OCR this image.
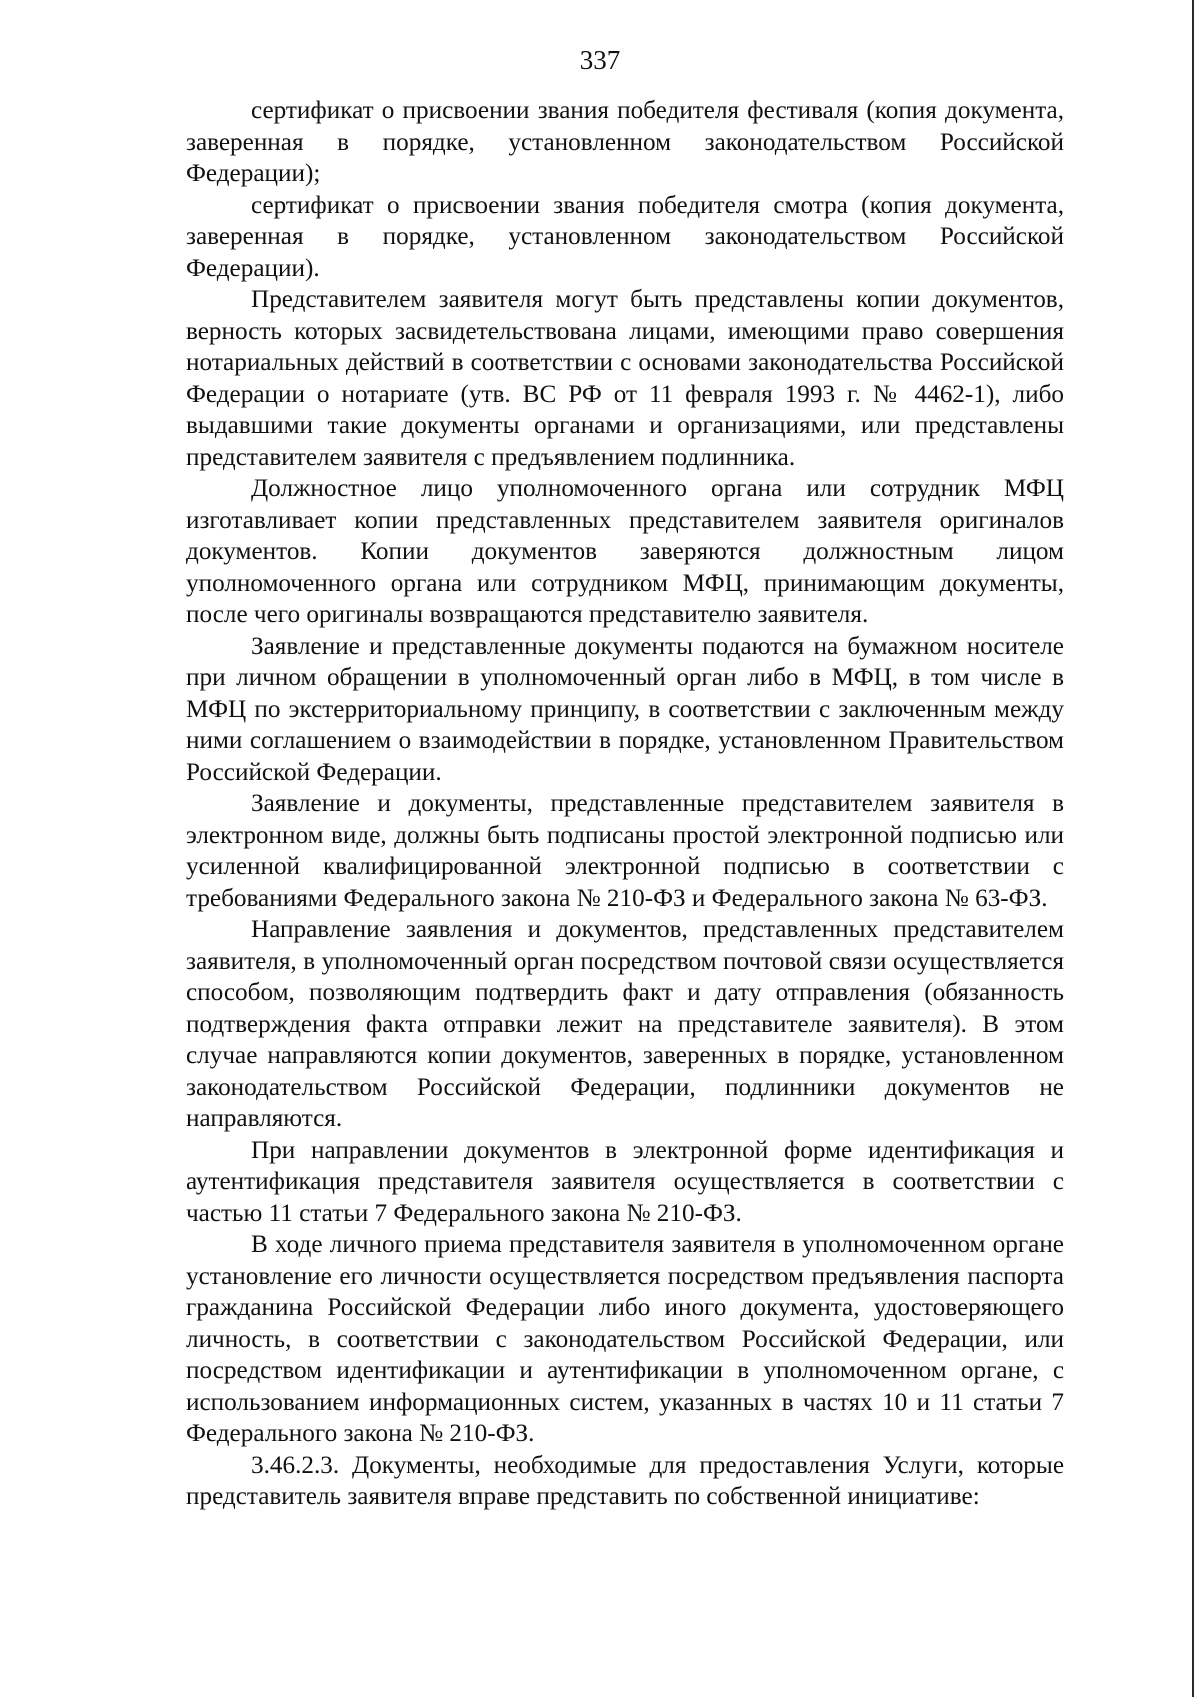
337

сертификат о присвоении звания победителя фестиваля (копия документа, заверенная в порядке, установленном законодательством Российской Федерации);

сертификат о присвоении звания победителя смотра (копия документа, заверенная в порядке, установленном законодательством Российской Федерации).

Представителем заявителя могут быть представлены копии документов, верность которых засвидетельствована лицами, имеющими право совершения нотариальных действий в соответствии с основами законодательства Российской Федерации о нотариате (утв. ВС РФ от 11 февраля 1993 г. № 4462-1), либо выдавшими такие документы органами и организациями, или представлены представителем заявителя с предъявлением подлинника.

Должностное лицо уполномоченного органа или сотрудник МФЦ изготавливает копии представленных представителем заявителя оригиналов документов. Копии документов заверяются должностным лицом уполномоченного органа или сотрудником МФЦ, принимающим документы, после чего оригиналы возвращаются представителю заявителя.

Заявление и представленные документы подаются на бумажном носителе при личном обращении в уполномоченный орган либо в МФЦ, в том числе в МФЦ по экстерриториальному принципу, в соответствии с заключенным между ними соглашением о взаимодействии в порядке, установленном Правительством Российской Федерации.

Заявление и документы, представленные представителем заявителя в электронном виде, должны быть подписаны простой электронной подписью или усиленной квалифицированной электронной подписью в соответствии с требованиями Федерального закона № 210-ФЗ и Федерального закона № 63-ФЗ.

Направление заявления и документов, представленных представителем заявителя, в уполномоченный орган посредством почтовой связи осуществляется способом, позволяющим подтвердить факт и дату отправления (обязанность подтверждения факта отправки лежит на представителе заявителя). В этом случае направляются копии документов, заверенных в порядке, установленном законодательством Российской Федерации, подлинники документов не направляются.

При направлении документов в электронной форме идентификация и аутентификация представителя заявителя осуществляется в соответствии с частью 11 статьи 7 Федерального закона № 210-ФЗ.

В ходе личного приема представителя заявителя в уполномоченном органе установление его личности осуществляется посредством предъявления паспорта гражданина Российской Федерации либо иного документа, удостоверяющего личность, в соответствии с законодательством Российской Федерации, или посредством идентификации и аутентификации в уполномоченном органе, с использованием информационных систем, указанных в частях 10 и 11 статьи 7 Федерального закона № 210-ФЗ.

3.46.2.3. Документы, необходимые для предоставления Услуги, которые представитель заявителя вправе представить по собственной инициативе:
